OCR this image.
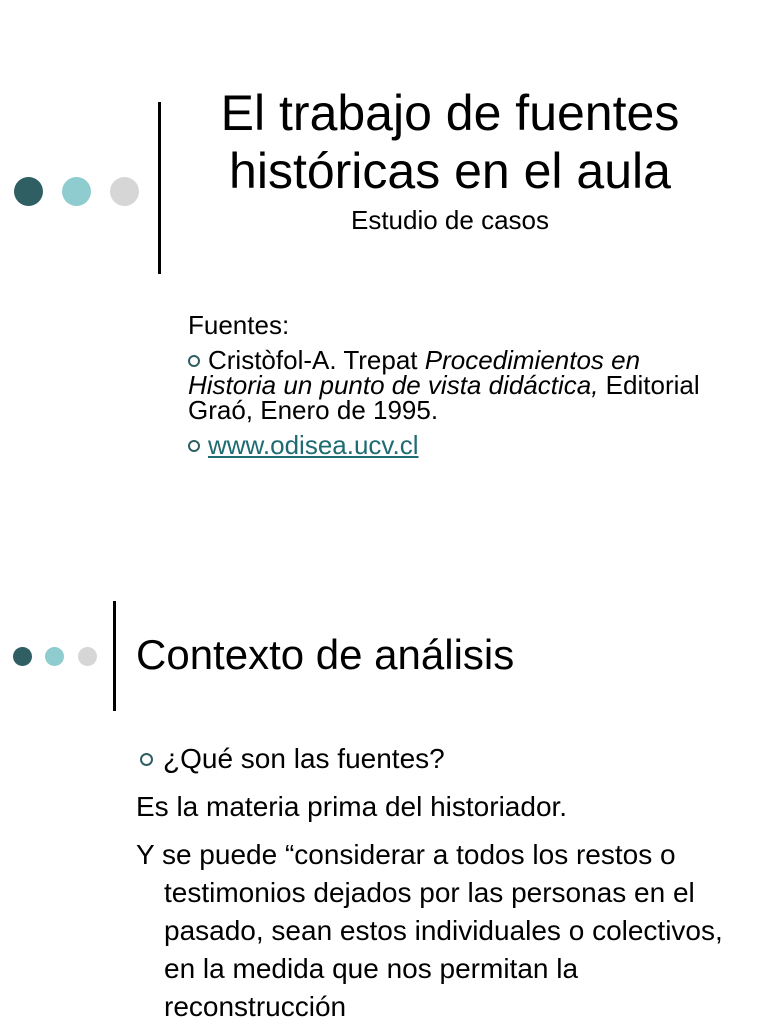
El trabajo de fuentes
históricas en el aula
Estudio de casos
Fuentes:
Cristòfol-A. Trepat Procedimientos en Historia un punto de vista didáctica, Editorial Graó, Enero de 1995.
www.odisea.ucv.cl
Contexto de análisis
¿Qué son las fuentes?
Es la materia prima del historiador.
Y se puede “considerar a todos los restos o testimonios dejados por las personas en el pasado, sean estos individuales o colectivos, en la medida que nos permitan la reconstrucción
